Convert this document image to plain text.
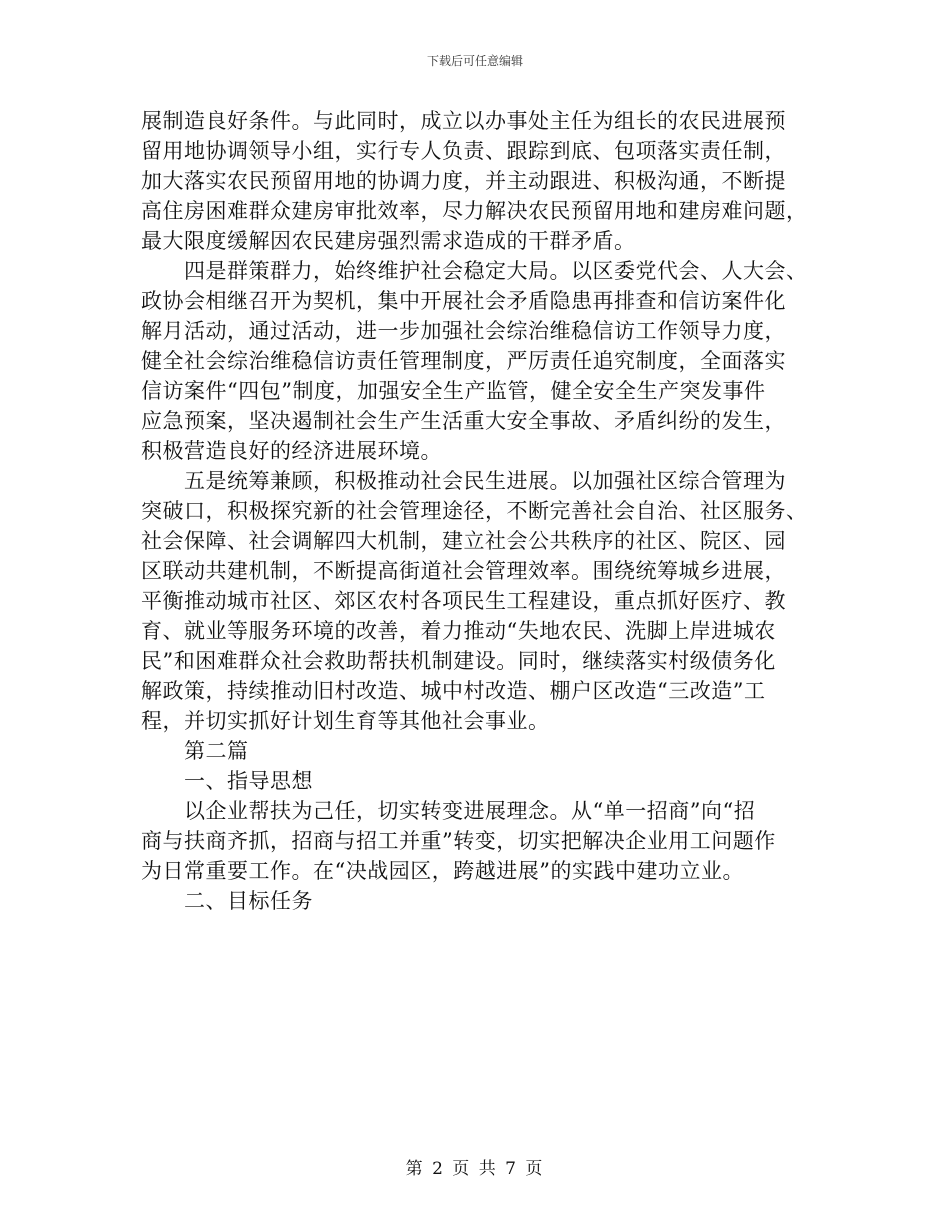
下载后可任意编辑
展制造良好条件。与此同时，成立以办事处主任为组长的农民进展预
留用地协调领导小组，实行专人负责、跟踪到底、包项落实责任制，
加大落实农民预留用地的协调力度，并主动跟进、积极沟通，不断提
高住房困难群众建房审批效率，尽力解决农民预留用地和建房难问题，
最大限度缓解因农民建房强烈需求造成的干群矛盾。
　　四是群策群力，始终维护社会稳定大局。以区委党代会、人大会、
政协会相继召开为契机，集中开展社会矛盾隐患再排查和信访案件化
解月活动，通过活动，进一步加强社会综治维稳信访工作领导力度，
健全社会综治维稳信访责任管理制度，严厉责任追究制度，全面落实
信访案件“四包”制度，加强安全生产监管，健全安全生产突发事件
应急预案，坚决遏制社会生产生活重大安全事故、矛盾纠纷的发生，
积极营造良好的经济进展环境。
　　五是统筹兼顾，积极推动社会民生进展。以加强社区综合管理为
突破口，积极探究新的社会管理途径，不断完善社会自治、社区服务、
社会保障、社会调解四大机制，建立社会公共秩序的社区、院区、园
区联动共建机制，不断提高街道社会管理效率。围绕统筹城乡进展，
平衡推动城市社区、郊区农村各项民生工程建设，重点抓好医疗、教
育、就业等服务环境的改善，着力推动“失地农民、洗脚上岸进城农
民”和困难群众社会救助帮扶机制建设。同时，继续落实村级债务化
解政策，持续推动旧村改造、城中村改造、棚户区改造“三改造”工
程，并切实抓好计划生育等其他社会事业。
　　第二篇
　　一、指导思想
　　以企业帮扶为己任，切实转变进展理念。从“单一招商”向“招
商与扶商齐抓，招商与招工并重”转变，切实把解决企业用工问题作
为日常重要工作。在“决战园区，跨越进展”的实践中建功立业。
　　二、目标任务
第 2 页 共 7 页
